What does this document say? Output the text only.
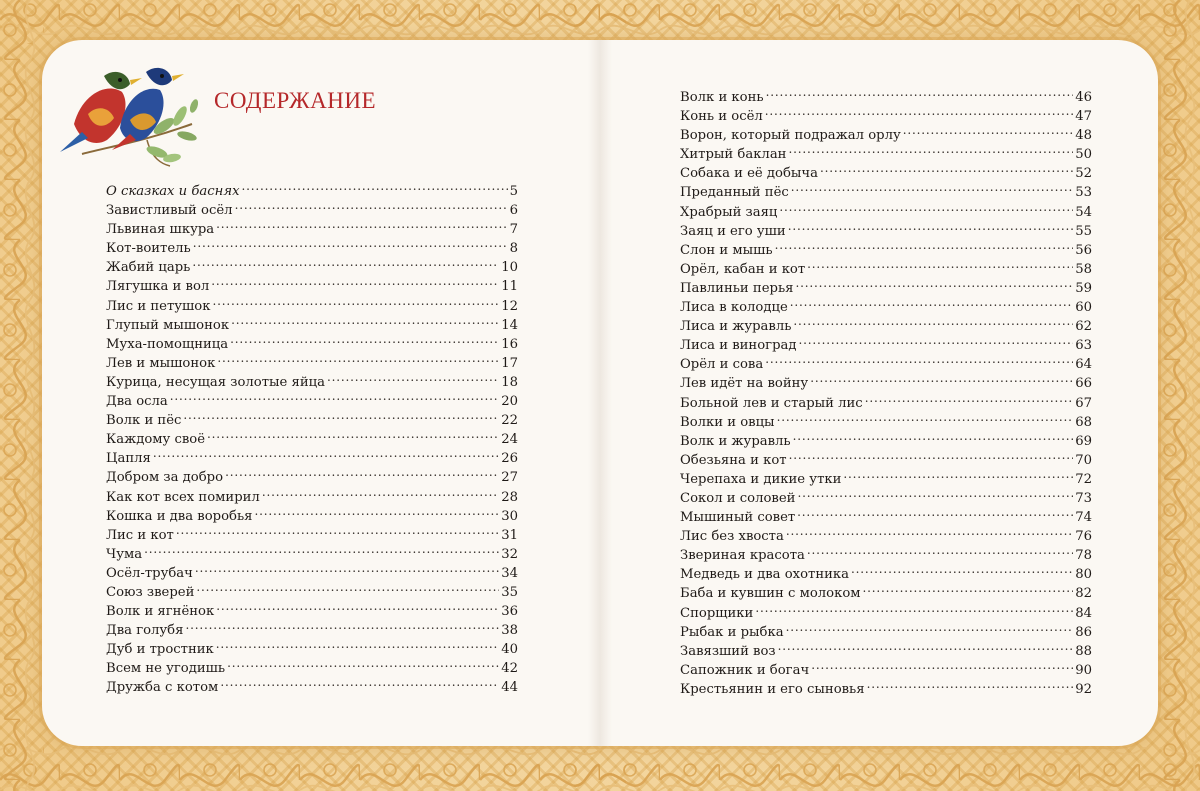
содержание
О сказках и баснях . . .	5
Завистливый осёл . . .	6
Львиная шкура . . .	7
Кот-воитель . . .	8
Жабий царь . . .	10
Лягушка и вол . . .	11
Лис и петушок . . .	12
Глупый мышонок . . .	14
Муха-помощница . . .	16
Лев и мышонок . . .	17
Курица, несущая золотые яйца . . .	18
Два осла . . .	20
Волк и пёс . . .	22
Каждому своё . . .	24
Цапля . . .	26
Добром за добро . . .	27
Как кот всех помирил . . .	28
Кошка и два воробья . . .	30
Лис и кот . . .	31
Чума . . .	32
Осёл-трубач . . .	34
Союз зверей . . .	35
Волк и ягнёнок . . .	36
Два голубя . . .	38
Дуб и тростник . . .	40
Всем не угодишь . . .	42
Дружба с котом . . .	44
Волк и конь . . .	46
Конь и осёл . . .	47
Ворон, который подражал орлу . . .	48
Хитрый баклан . . .	50
Собака и её добыча . . .	52
Преданный пёс . . .	53
Храбрый заяц . . .	54
Заяц и его уши . . .	55
Слон и мышь . . .	56
Орёл, кабан и кот . . .	58
Павлиньи перья . . .	59
Лиса в колодце . . .	60
Лиса и журавль . . .	62
Лиса и виноград . . .	63
Орёл и сова . . .	64
Лев идёт на войну . . .	66
Больной лев и старый лис . . .	67
Волки и овцы . . .	68
Волк и журавль . . .	69
Обезьяна и кот . . .	70
Черепаха и дикие утки . . .	72
Сокол и соловей . . .	73
Мышиный совет . . .	74
Лис без хвоста . . .	76
Звериная красота . . .	78
Медведь и два охотника . . .	80
Баба и кувшин с молоком . . .	82
Спорщики . . .	84
Рыбак и рыбка . . .	86
Завязший воз . . .	88
Сапожник и богач . . .	90
Крестьянин и его сыновья . . .	92
